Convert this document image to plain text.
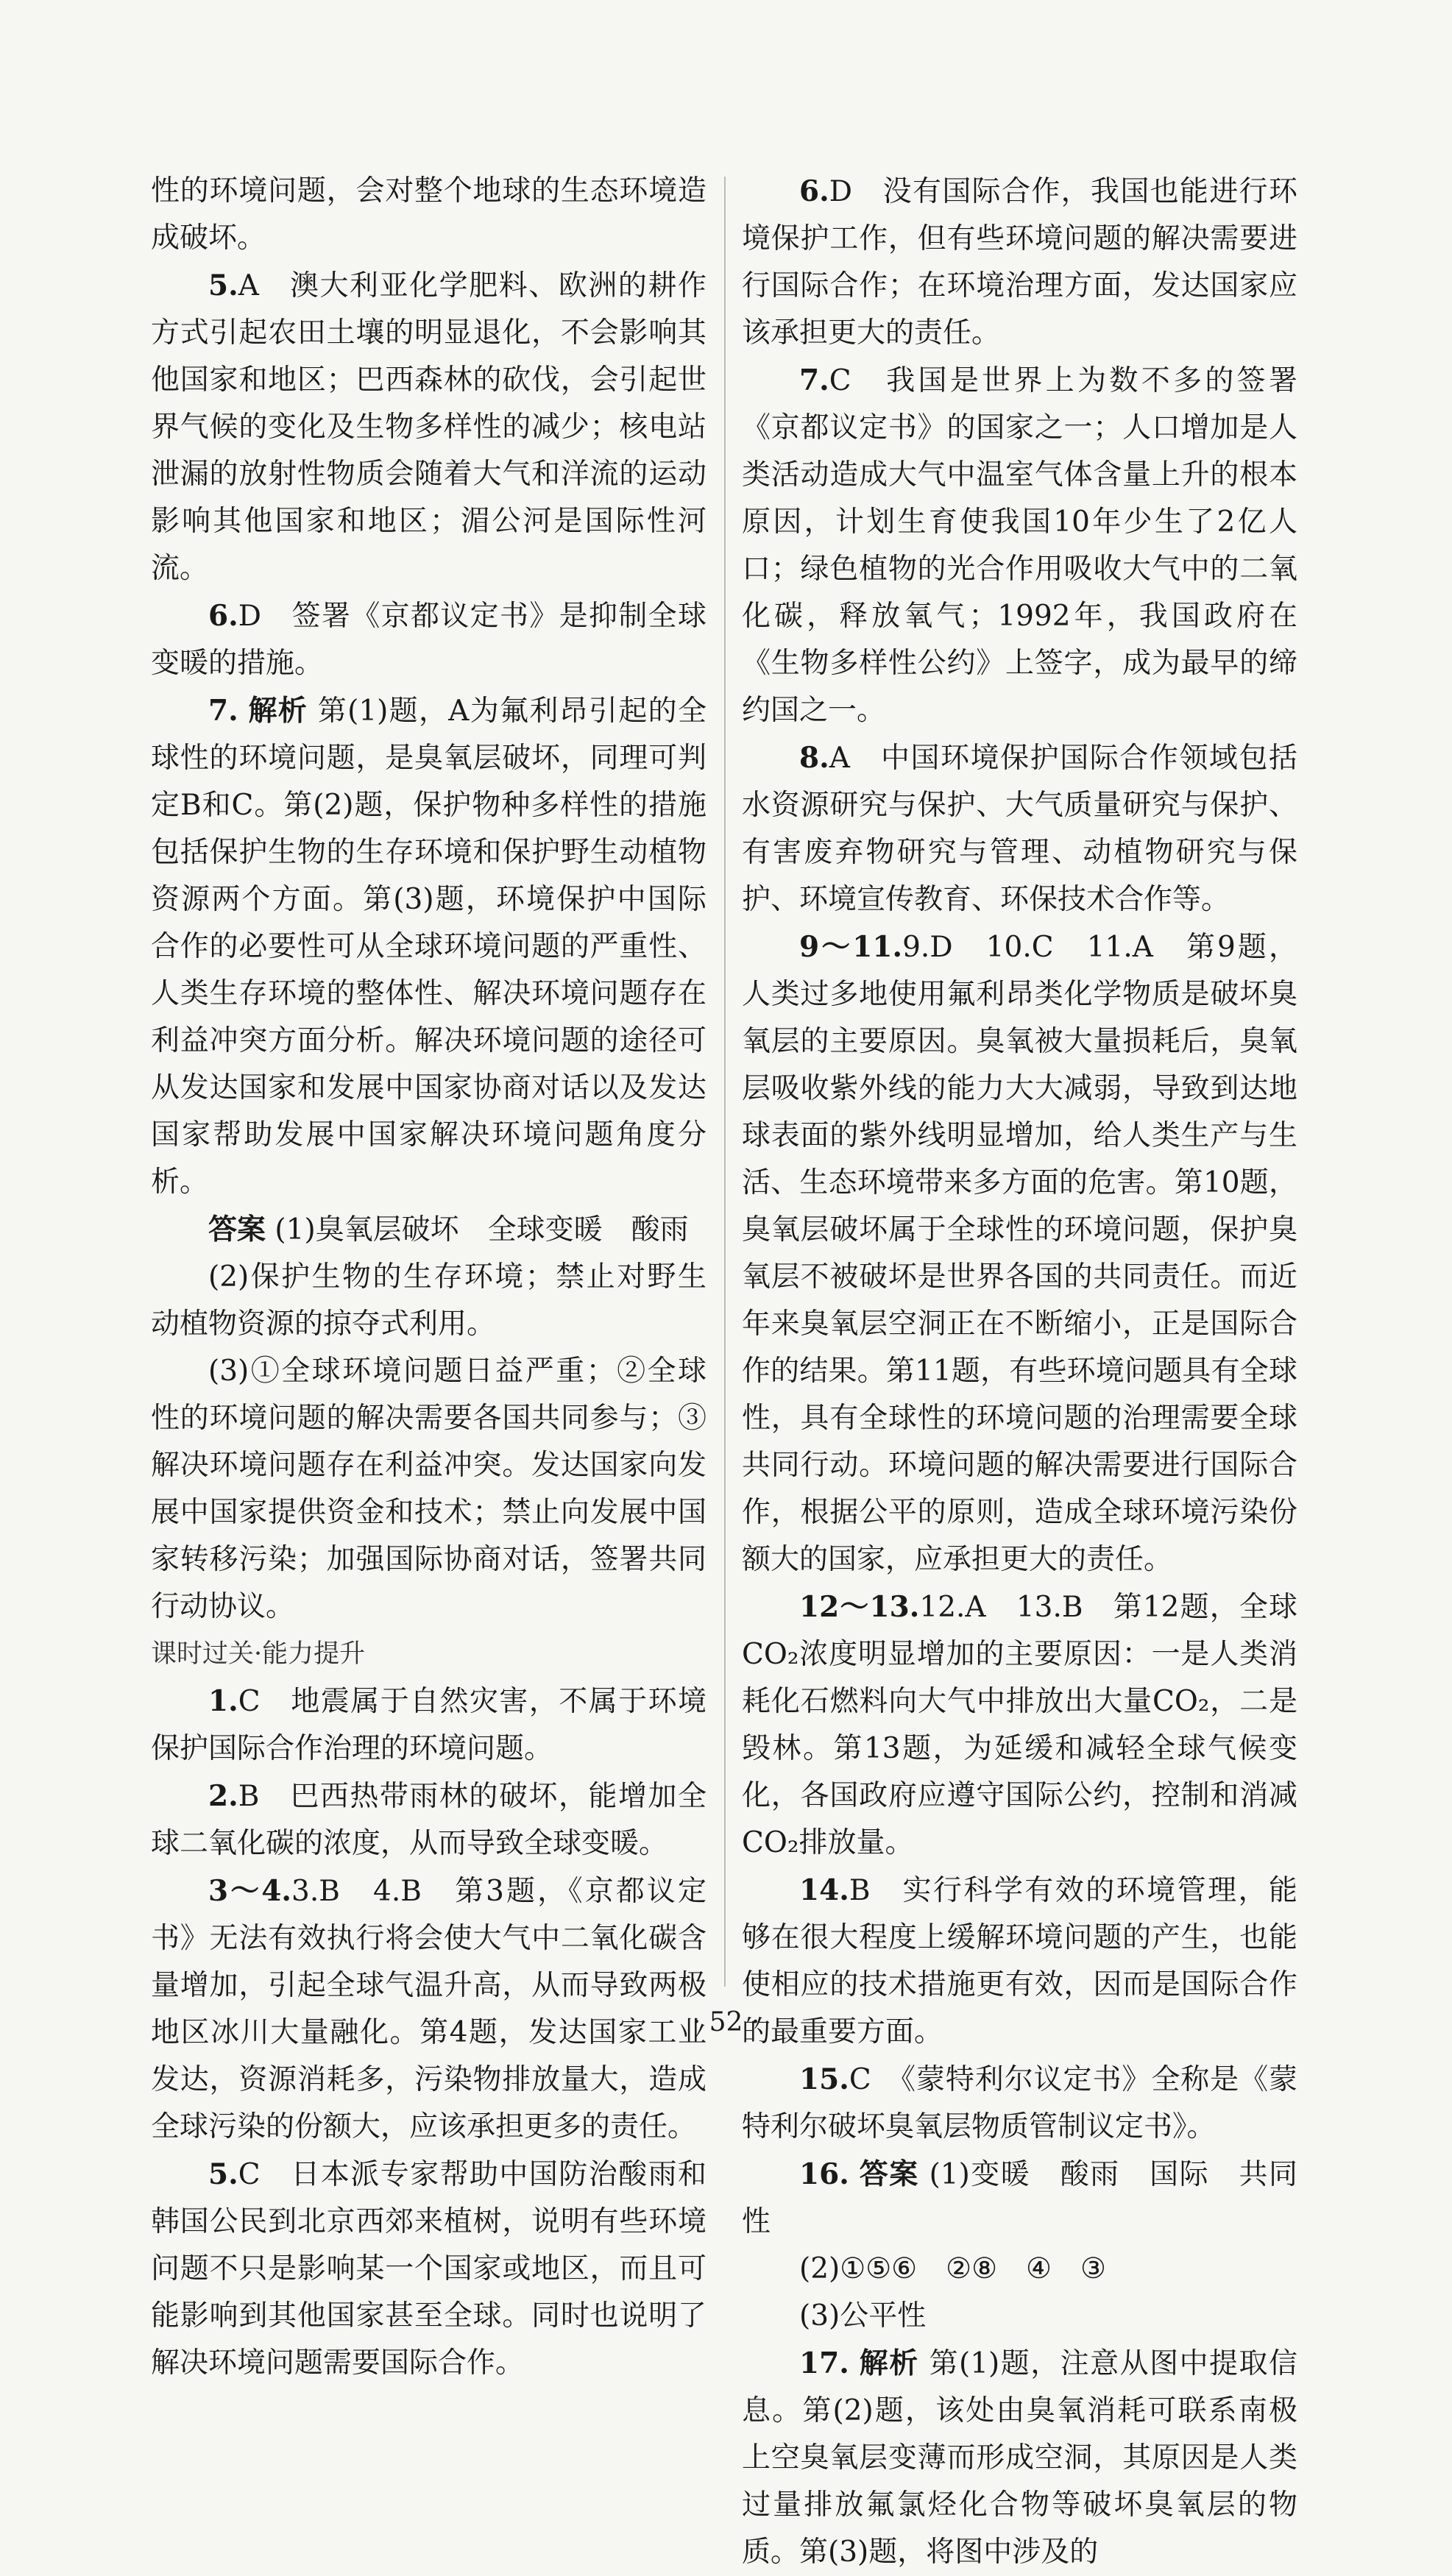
性的环境问题，会对整个地球的生态环境造成破坏。

5.A　澳大利亚化学肥料、欧洲的耕作方式引起农田土壤的明显退化，不会影响其他国家和地区；巴西森林的砍伐，会引起世界气候的变化及生物多样性的减少；核电站泄漏的放射性物质会随着大气和洋流的运动影响其他国家和地区；湄公河是国际性河流。

6.D　签署《京都议定书》是抑制全球变暖的措施。

7. 解析 第(1)题，A为氟利昂引起的全球性的环境问题，是臭氧层破坏，同理可判定B和C。第(2)题，保护物种多样性的措施包括保护生物的生存环境和保护野生动植物资源两个方面。第(3)题，环境保护中国际合作的必要性可从全球环境问题的严重性、人类生存环境的整体性、解决环境问题存在利益冲突方面分析。解决环境问题的途径可从发达国家和发展中国家协商对话以及发达国家帮助发展中国家解决环境问题角度分析。

答案 (1)臭氧层破坏　全球变暖　酸雨

(2)保护生物的生存环境；禁止对野生动植物资源的掠夺式利用。

(3)①全球环境问题日益严重；②全球性的环境问题的解决需要各国共同参与；③解决环境问题存在利益冲突。发达国家向发展中国家提供资金和技术；禁止向发展中国家转移污染；加强国际协商对话，签署共同行动协议。

课时过关·能力提升

1.C　地震属于自然灾害，不属于环境保护国际合作治理的环境问题。

2.B　巴西热带雨林的破坏，能增加全球二氧化碳的浓度，从而导致全球变暖。

3～4.3.B　4.B　第3题，《京都议定书》无法有效执行将会使大气中二氧化碳含量增加，引起全球气温升高，从而导致两极地区冰川大量融化。第4题，发达国家工业发达，资源消耗多，污染物排放量大，造成全球污染的份额大，应该承担更多的责任。

5.C　日本派专家帮助中国防治酸雨和韩国公民到北京西郊来植树，说明有些环境问题不只是影响某一个国家或地区，而且可能影响到其他国家甚至全球。同时也说明了解决环境问题需要国际合作。

6.D　没有国际合作，我国也能进行环境保护工作，但有些环境问题的解决需要进行国际合作；在环境治理方面，发达国家应该承担更大的责任。

7.C　我国是世界上为数不多的签署《京都议定书》的国家之一；人口增加是人类活动造成大气中温室气体含量上升的根本原因，计划生育使我国10年少生了2亿人口；绿色植物的光合作用吸收大气中的二氧化碳，释放氧气；1992年，我国政府在《生物多样性公约》上签字，成为最早的缔约国之一。

8.A　中国环境保护国际合作领域包括水资源研究与保护、大气质量研究与保护、有害废弃物研究与管理、动植物研究与保护、环境宣传教育、环保技术合作等。

9～11.9.D　10.C　11.A　第9题，人类过多地使用氟利昂类化学物质是破坏臭氧层的主要原因。臭氧被大量损耗后，臭氧层吸收紫外线的能力大大减弱，导致到达地球表面的紫外线明显增加，给人类生产与生活、生态环境带来多方面的危害。第10题，臭氧层破坏属于全球性的环境问题，保护臭氧层不被破坏是世界各国的共同责任。而近年来臭氧层空洞正在不断缩小，正是国际合作的结果。第11题，有些环境问题具有全球性，具有全球性的环境问题的治理需要全球共同行动。环境问题的解决需要进行国际合作，根据公平的原则，造成全球环境污染份额大的国家，应承担更大的责任。

12～13.12.A　13.B　第12题，全球CO₂浓度明显增加的主要原因：一是人类消耗化石燃料向大气中排放出大量CO₂，二是毁林。第13题，为延缓和减轻全球气候变化，各国政府应遵守国际公约，控制和消减CO₂排放量。

14.B　实行科学有效的环境管理，能够在很大程度上缓解环境问题的产生，也能使相应的技术措施更有效，因而是国际合作的最重要方面。

15.C　《蒙特利尔议定书》全称是《蒙特利尔破坏臭氧层物质管制议定书》。

16. 答案 (1)变暖　酸雨　国际　共同性

(2)①⑤⑥　②⑧　④　③

(3)公平性

17. 解析 第(1)题，注意从图中提取信息。第(2)题，该处由臭氧消耗可联系南极上空臭氧层变薄而形成空洞，其原因是人类过量排放氟氯烃化合物等破坏臭氧层的物质。第(3)题，将图中涉及的

· 52 ·
